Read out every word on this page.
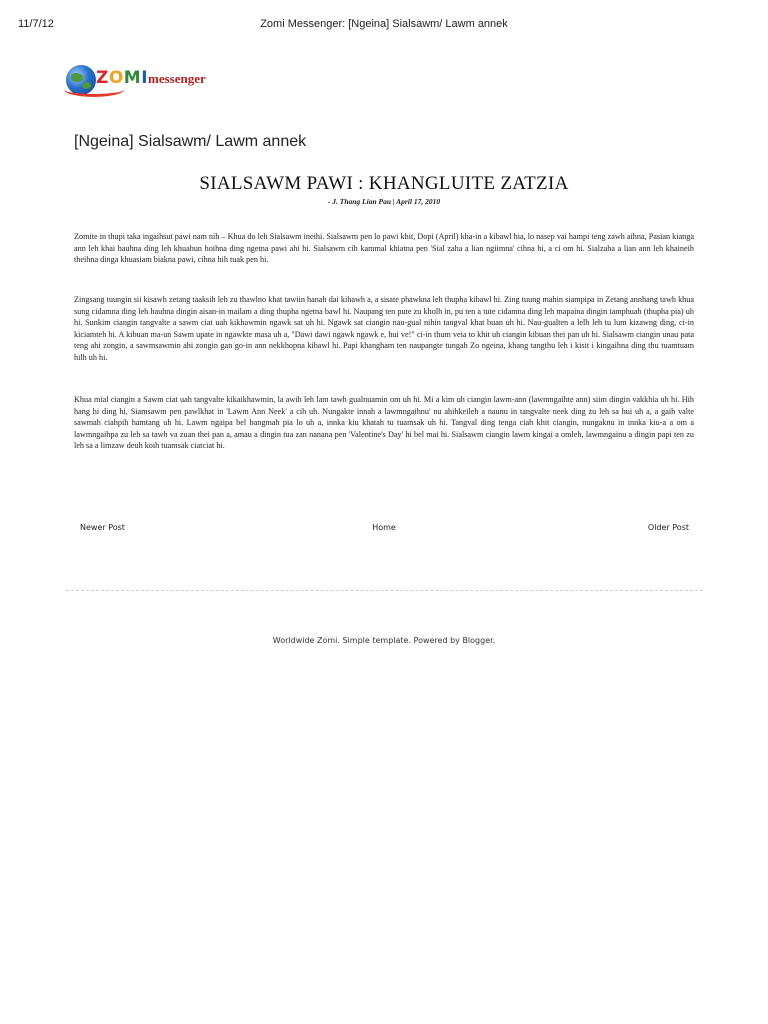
11/7/12	Zomi Messenger: [Ngeina] Sialsawm/ Lawm annek
ZOMI messenger
[Ngeina] Sialsawm/ Lawm annek
SIALSAWM PAWI : KHANGLUITE ZATZIA
- J. Thang Lian Pau | April 17, 2010

Zomite in thupi taka ingaihsut pawi nam nih – Khua do leh Sialsawm ineihi. Sialsawm pen lo pawi khit, Dopi (April) kha-in a kibawl hia, lo nasep vai hampi teng zawh aihna, Pasian kianga ann leh khai hauhna ding leh khuahun hoihna ding ngetna pawi ahi hi. Sialsawm cih kammal khiatna pen 'Sial zaha a lian ngiimna' cihna hi, a ci om hi. Sialzaha a lian ann leh khaineih theihna dinga khuasiam biakna pawi, cihna hih tuak pen hi.

Zingsang tuungin sii kisawh zetang taaksih leh zu thawlno khat tawiin hanah dai kihawh a, a sisate phawkna leh thupha kibawl hi. Zing tuung mahin siampipa in Zetang annhang tawh khua sung cidamna ding leh hauhna dingin aisan-in mailam a ding thupha ngetna bawl hi. Naupang ten pute zu kholh in, pu ten a tute cidamna ding leh mapaina dingin tamphuah (thupha pia) uh hi. Sunkim ciangin tangvalte a sawm ciat uah kikhawmin ngawk sat uh hi. Ngawk sat ciangin nau-gual nihin tangval khat buan uh hi. Nau-gualten a lelh leh tu lum kizawng ding, ci-in kiciamteh hi. A kibuan ma-un Sawm upate in ngawkte masa uh a, "Dawi dawi ngawk ngawk e, hui ve!" ci-in thum veia to khit uh ciangin kibuan thei pan uh hi. Sialsawm ciangin unau pata teng ahi zongin, a sawmsawmin ahi zongin gan go-in ann nekkhopna kibawl hi. Papi khangham ten naupangte tungah Zo ngeina, khang tangthu leh i kisit i kingaihna ding thu tuamtuam hilh uh hi.

Khua mial ciangin a Sawm ciat uah tangvalte kikaikhawmin, la awih leh lam tawh gualnuamin om uh hi. Mi a kim uh ciangin lawm-ann (lawmngaihte ann) siim dingin vakkhia uh hi. Hih hang hi ding hi, Siamsawm pen pawlkhat in 'Lawm Ann Neek' a cih uh. Nungakte innah a lawmngaihnu' nu ahihkeileh a naunu in tangvalte neek ding zu leh sa hui uh a, a gaih valte sawmah ciahpih hamtang uh hi. Lawm ngaipa bel bangmah pia lo uh a, innka kiu khatah tu tuamsak uh hi. Tangval ding tenga ciah khit ciangin, nungaknu in innka kiu-a a om a lawmngaihpa zu leh sa tawh va zuan thei pan a, amau a dingin tua zan nanana pen 'Valentine's Day' hi bel mai hi. Sialsawm ciangin lawm kingai a omleh, lawmngainu a dingin papi ten zu leh sa a limzaw deuh koih tuamsak ciatciat hi.

Newer Post	Home	Older Post
Worldwide Zomi. Simple template. Powered by Blogger.
